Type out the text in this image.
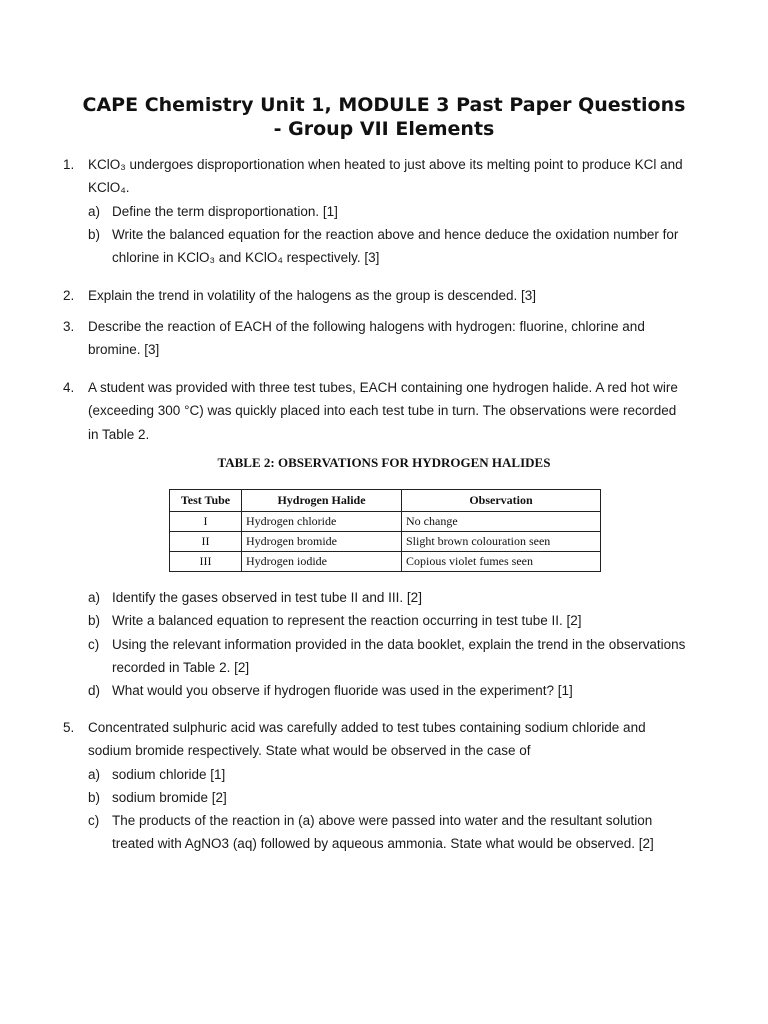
CAPE Chemistry Unit 1, MODULE 3 Past Paper Questions
- Group VII Elements
1. KClO₃ undergoes disproportionation when heated to just above its melting point to produce KCl and KClO₄.
a) Define the term disproportionation. [1]
b) Write the balanced equation for the reaction above and hence deduce the oxidation number for chlorine in KClO₃ and KClO₄ respectively. [3]
2. Explain the trend in volatility of the halogens as the group is descended. [3]
3. Describe the reaction of EACH of the following halogens with hydrogen: fluorine, chlorine and bromine. [3]
4. A student was provided with three test tubes, EACH containing one hydrogen halide. A red hot wire (exceeding 300 °C) was quickly placed into each test tube in turn. The observations were recorded in Table 2.
TABLE 2: OBSERVATIONS FOR HYDROGEN HALIDES
Test Tube	Hydrogen Halide	Observation
I	Hydrogen chloride	No change
II	Hydrogen bromide	Slight brown colouration seen
III	Hydrogen iodide	Copious violet fumes seen
a) Identify the gases observed in test tube II and III. [2]
b) Write a balanced equation to represent the reaction occurring in test tube II. [2]
c) Using the relevant information provided in the data booklet, explain the trend in the observations recorded in Table 2. [2]
d) What would you observe if hydrogen fluoride was used in the experiment? [1]
5. Concentrated sulphuric acid was carefully added to test tubes containing sodium chloride and sodium bromide respectively. State what would be observed in the case of
a) sodium chloride [1]
b) sodium bromide [2]
c) The products of the reaction in (a) above were passed into water and the resultant solution treated with AgNO3 (aq) followed by aqueous ammonia. State what would be observed. [2]
